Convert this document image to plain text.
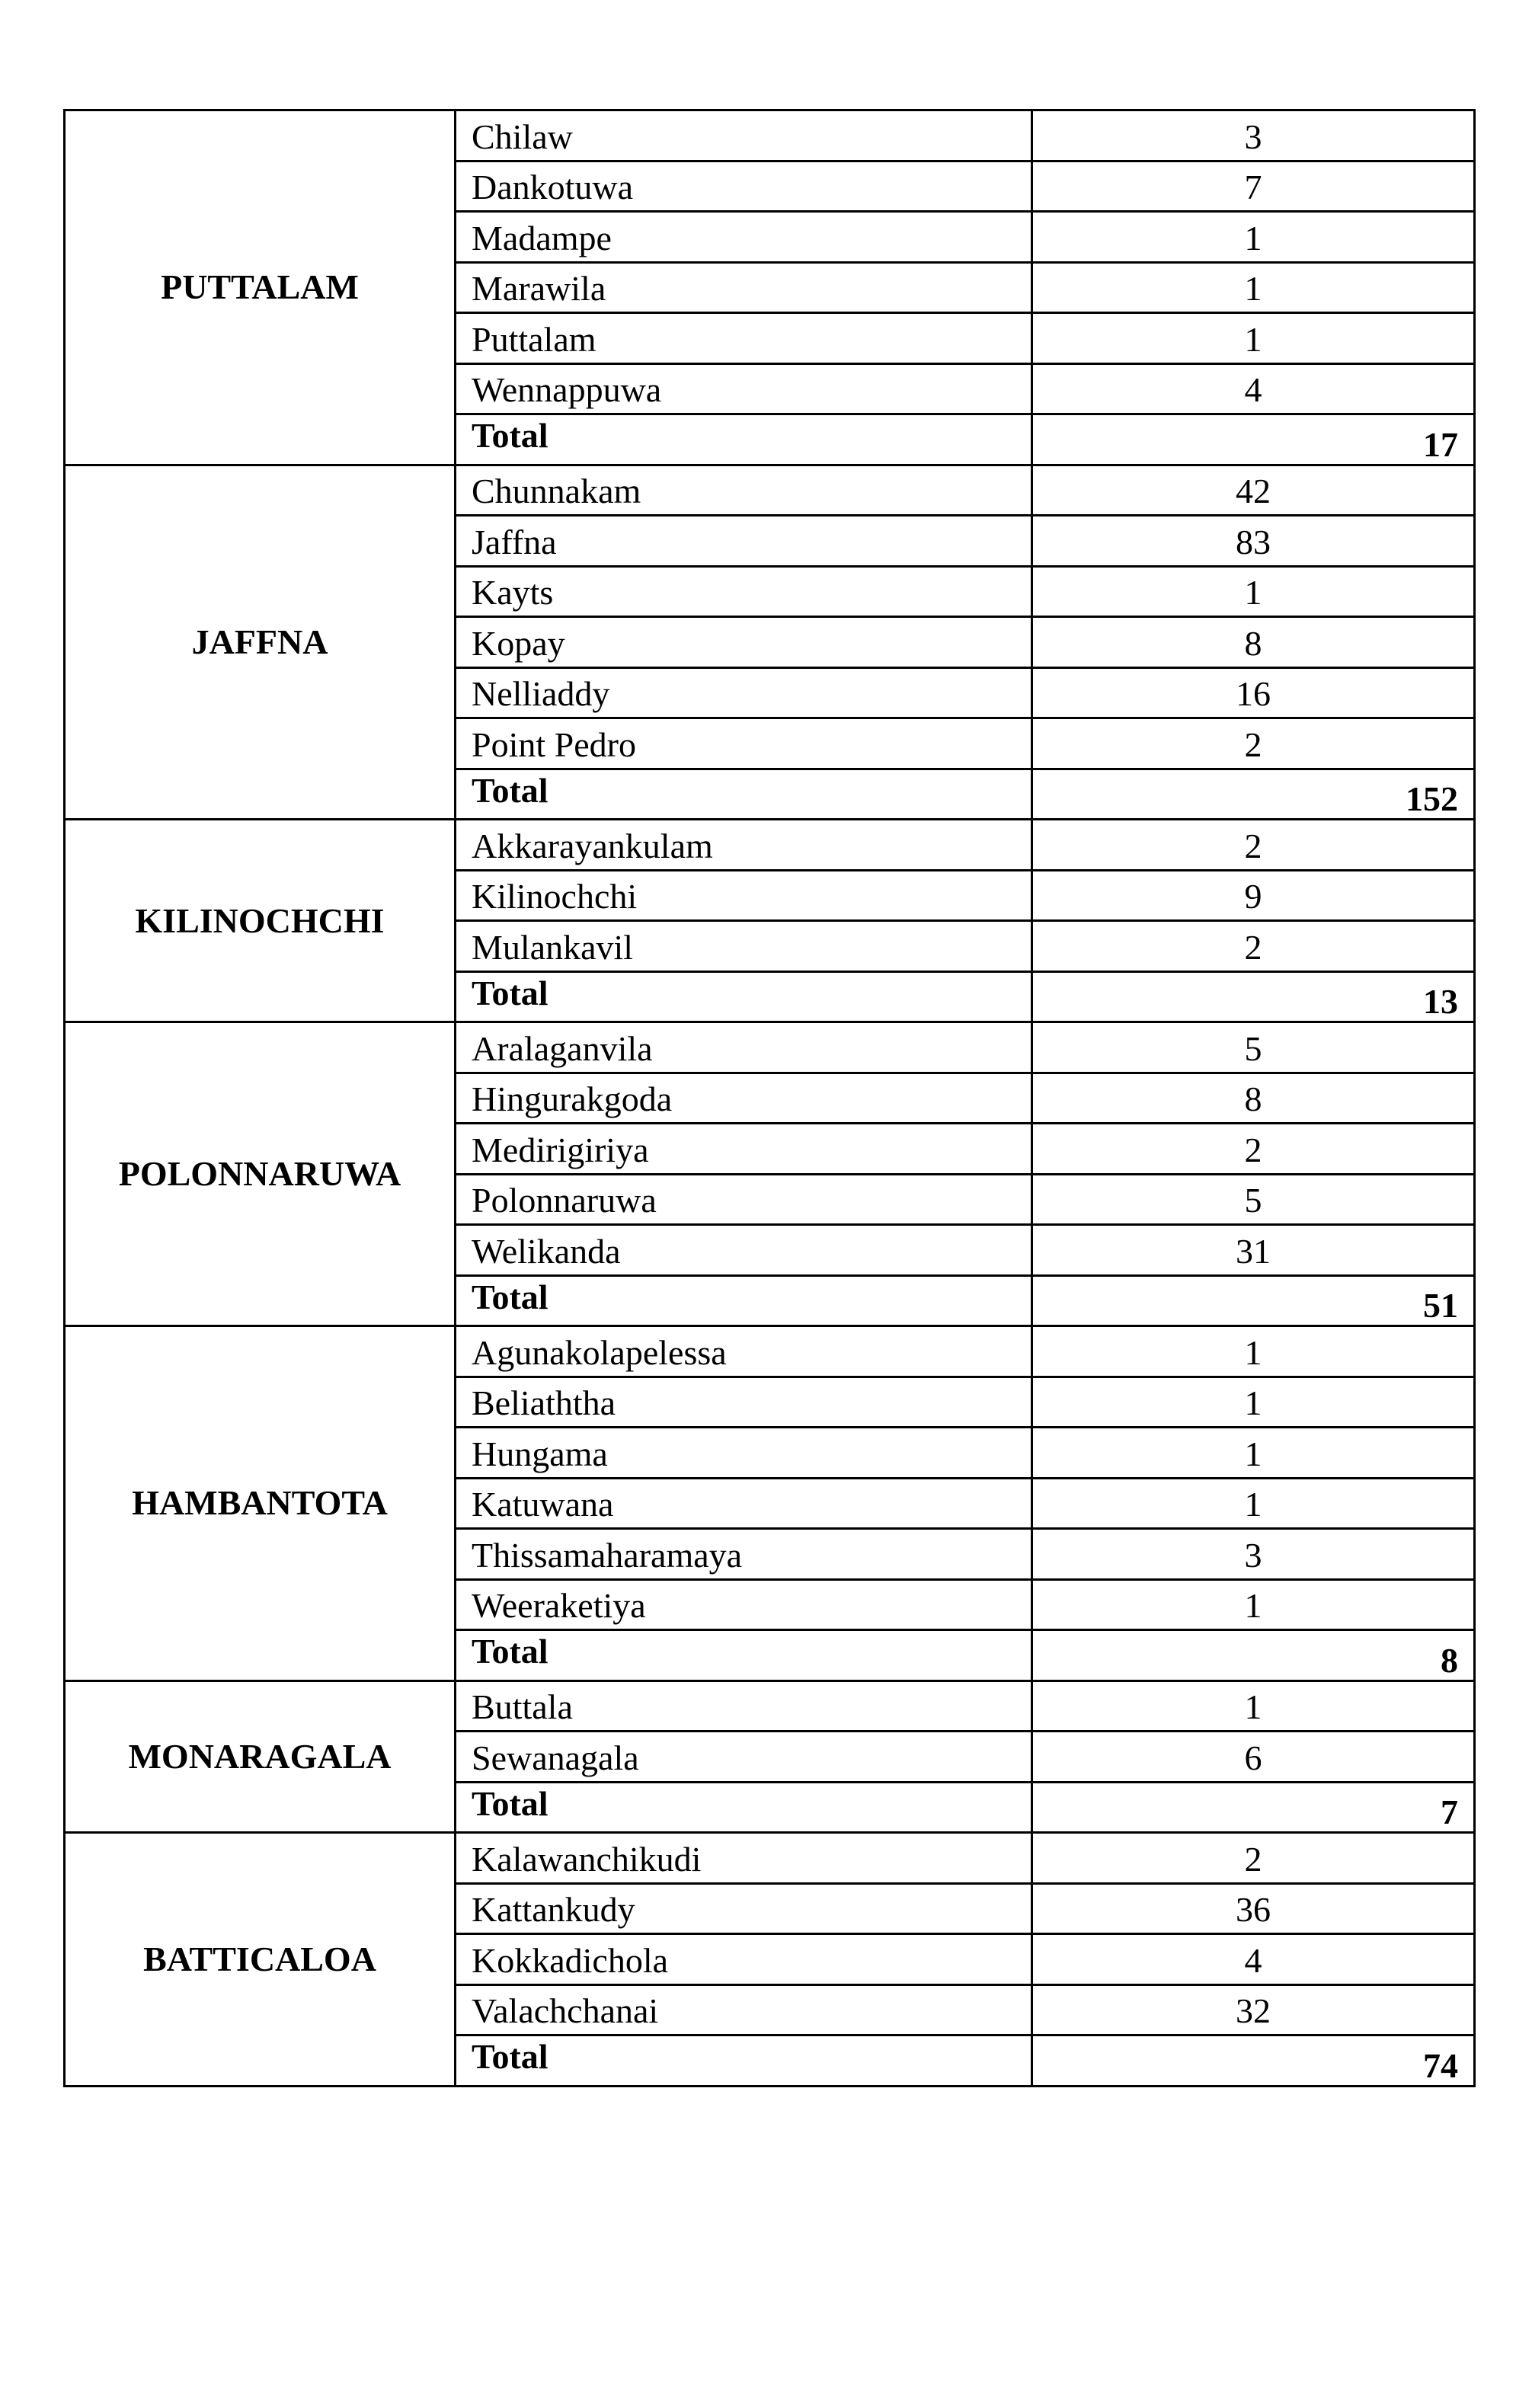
PUTTALAM	Chilaw	3
	Dankotuwa	7
	Madampe	1
	Marawila	1
	Puttalam	1
	Wennappuwa	4
	Total	17
JAFFNA	Chunnakam	42
	Jaffna	83
	Kayts	1
	Kopay	8
	Nelliaddy	16
	Point Pedro	2
	Total	152
KILINOCHCHI	Akkarayankulam	2
	Kilinochchi	9
	Mulankavil	2
	Total	13
POLONNARUWA	Aralaganvila	5
	Hingurakgoda	8
	Medirigiriya	2
	Polonnaruwa	5
	Welikanda	31
	Total	51
HAMBANTOTA	Agunakolapelessa	1
	Beliaththa	1
	Hungama	1
	Katuwana	1
	Thissamaharamaya	3
	Weeraketiya	1
	Total	8
MONARAGALA	Buttala	1
	Sewanagala	6
	Total	7
BATTICALOA	Kalawanchikudi	2
	Kattankudy	36
	Kokkadichola	4
	Valachchanai	32
	Total	74
